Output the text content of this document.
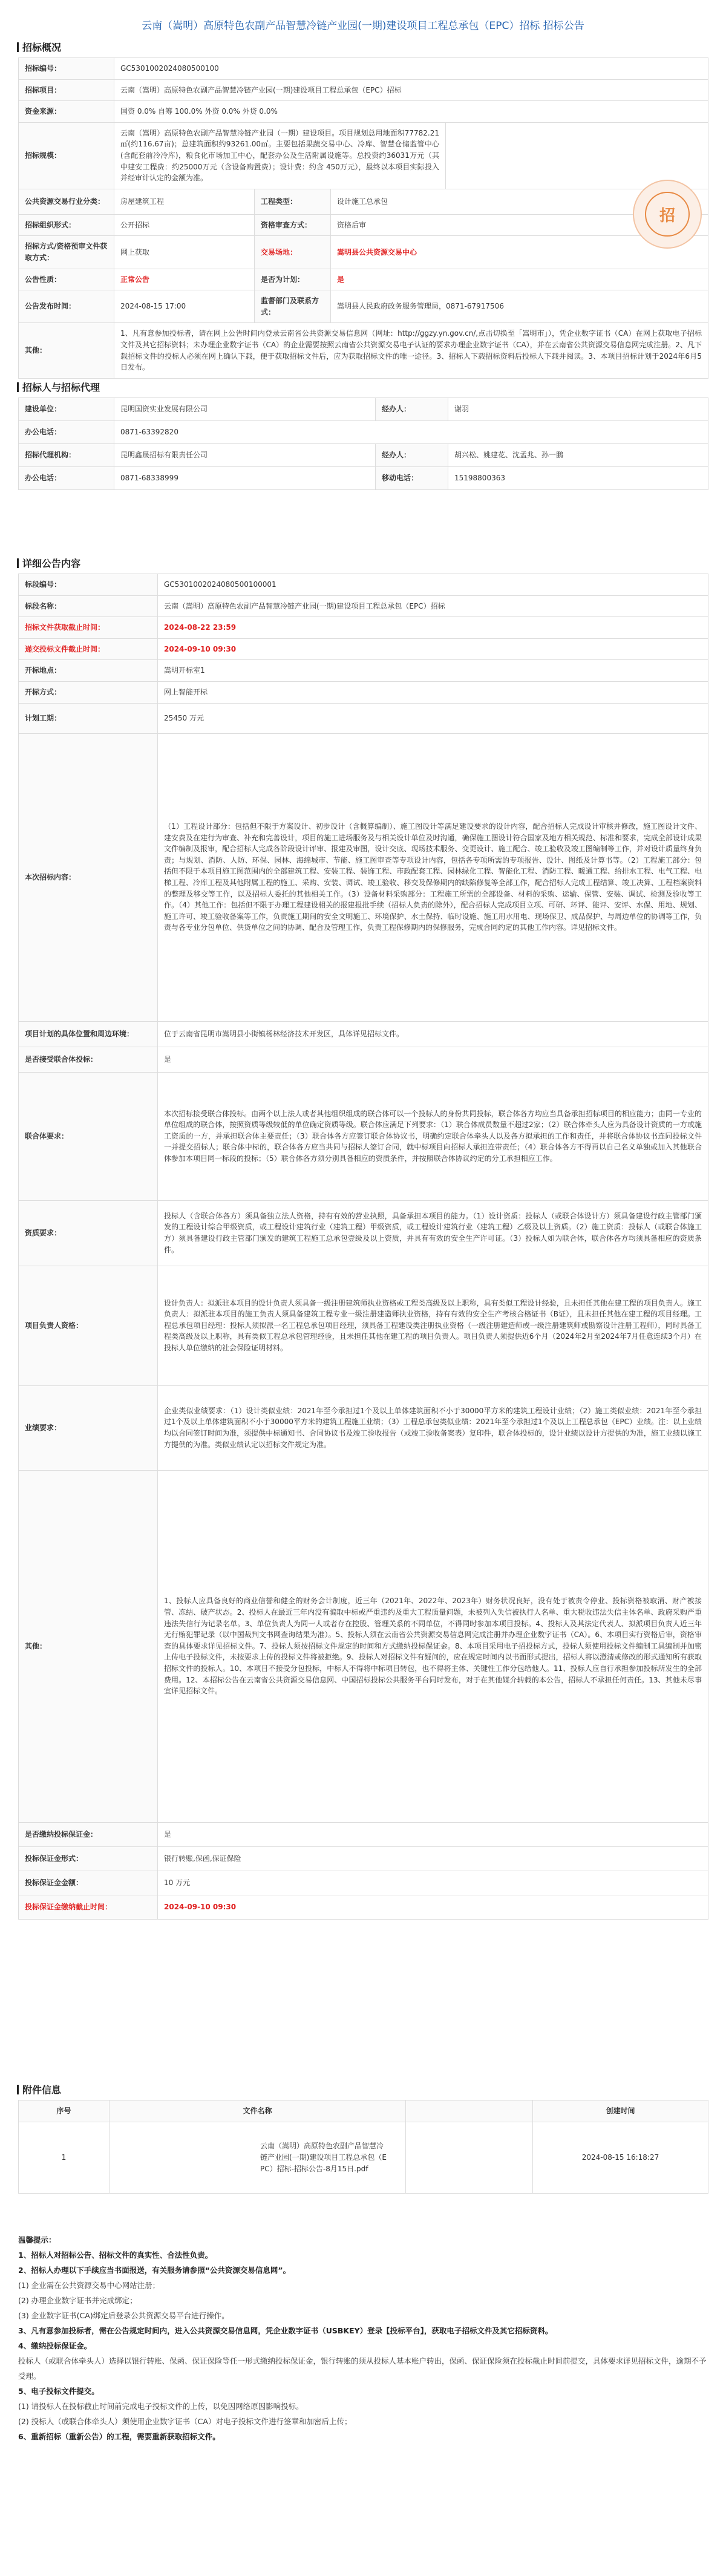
云南（嵩明）高原特色农副产品智慧冷链产业园(一期)建设项目工程总承包（EPC）招标 招标公告
招标概况
招标编号：	GC5301002024080500100			
招标项目：	云南（嵩明）高原特色农副产品智慧冷链产业园(一期)建设项目工程总承包（EPC）招标			
资金来源：	国资 0.0% 自筹 100.0% 外资 0.0% 外贷 0.0%			
招标规模：	云南（嵩明）高原特色农副产品智慧冷链产业园（一期）建设项目。项目规划总用地面积77782.21㎡(约116.67亩)；总建筑面积约93261.00㎡。主要包括果蔬交易中心、冷库、智慧仓储监管中心(含配套前冷冷库)，粮食化市场加工中心，配套办公及生活附属设施等。总投资约36031万元（其中建安工程费：约25000万元（含设备购置费）；设计费：约含 450万元），最终以本项目实际投入并经审计认定的金额为准。			
公共资源交易行业分类：	房屋建筑工程	工程类型：	设计施工总承包	
招标组织形式：	公开招标	资格审查方式：	资格后审	
招标方式/资格预审文件获取方式：	网上获取	交易场地：	嵩明县公共资源交易中心	
公告性质：	正常公告	是否为计划：	是	
公告发布时间：	2024-08-15 17:00	监督部门及联系方式：	嵩明县人民政府政务服务管理局，0871-67917506	
其他：	1、凡有意参加投标者，请在网上公告时间内登录云南省公共资源交易信息网（网址：http://ggzy.yn.gov.cn/,点击切换至「嵩明市」），凭企业数字证书（CA）在网上获取电子招标文件及其它招标资料；未办理企业数字证书（CA）的企业需要按照云南省公共资源交易电子认证的要求办理企业数字证书（CA），并在云南省公共资源交易信息网完成注册。2、凡下载招标文件的投标人必须在网上确认下载，便于获取招标文件后，应为获取招标文件的唯一途径。3、招标人下载招标资料后投标人下载并阅读。3、本项目招标计划于2024年6月5日发布。			
招
招标人与招标代理
建设单位：	昆明国资实业发展有限公司	经办人：	谢羽
办公电话：	0871-63392820		
招标代理机构：	昆明鑫晟招标有限责任公司	经办人：	胡兴松、姚建花、沈孟兆、孙一鹏
办公电话：	0871-68338999	移动电话：	15198800363
详细公告内容
标段编号：	GC5301002024080500100001
标段名称：	云南（嵩明）高原特色农副产品智慧冷链产业园(一期)建设项目工程总承包（EPC）招标
招标文件获取截止时间：	2024-08-22 23:59
递交投标文件截止时间：	2024-09-10 09:30
开标地点：	嵩明开标室1
开标方式：	网上智能开标
计划工期：	25450 万元
本次招标内容：	（1）工程设计部分：包括但不限于方案设计、初步设计（含概算编制）、施工图设计等满足建设要求的设计内容，配合招标人完成设计审核并修改，施工图设计文件、建安费及在建行为审查、补充和完善设计，项目的施工进场服务及与相关设计单位及时沟通，确保施工图设计符合国家及地方相关规范、标准和要求，完成全部设计成果文件编制及报审，配合招标人完成各阶段设计评审、报建及审图，设计交底、现场技术服务、变更设计、施工配合、竣工验收及竣工图编制等工作，并对设计质量终身负责；与规划、消防、人防、环保、园林、海绵城市、节能、施工图审查等专项设计内容，包括各专项所需的专项报告、设计、图纸及计算书等。（2）工程施工部分：包括但不限于本项目施工图范围内的全部建筑工程、安装工程、装饰工程、市政配套工程、园林绿化工程、智能化工程、消防工程、暖通工程、给排水工程、电气工程、电梯工程、冷库工程及其他附属工程的施工、采购、安装、调试、竣工验收、移交及保修期内的缺陷修复等全部工作，配合招标人完成工程结算、竣工决算、工程档案资料的整理及移交等工作，以及招标人委托的其他相关工作。（3）设备材料采购部分：工程施工所需的全部设备、材料的采购、运输、保管、安装、调试、检测及验收等工作。（4）其他工作：包括但不限于办理工程建设相关的报建报批手续（招标人负责的除外），配合招标人完成项目立项、可研、环评、能评、安评、水保、用地、规划、施工许可、竣工验收备案等工作，负责施工期间的安全文明施工、环境保护、水土保持、临时设施、施工用水用电、现场保卫、成品保护、与周边单位的协调等工作，负责与各专业分包单位、供货单位之间的协调、配合及管理工作，负责工程保修期内的保修服务，完成合同约定的其他工作内容。详见招标文件。
项目计划的具体位置和周边环境：	位于云南省昆明市嵩明县小街镇杨林经济技术开发区，具体详见招标文件。
是否接受联合体投标：	是
联合体要求：	本次招标接受联合体投标。由两个以上法人或者其他组织组成的联合体可以一个投标人的身份共同投标，联合体各方均应当具备承担招标项目的相应能力；由同一专业的单位组成的联合体，按照资质等级较低的单位确定资质等级。联合体应满足下列要求：（1）联合体成员数量不超过2家；（2）联合体牵头人应为具备设计资质的一方或施工资质的一方，并承担联合体主要责任；（3）联合体各方应签订联合体协议书，明确约定联合体牵头人以及各方拟承担的工作和责任，并将联合体协议书连同投标文件一并提交招标人；联合体中标的，联合体各方应当共同与招标人签订合同，就中标项目向招标人承担连带责任；（4）联合体各方不得再以自己名义单独或加入其他联合体参加本项目同一标段的投标；（5）联合体各方须分别具备相应的资质条件，并按照联合体协议约定的分工承担相应工作。
资质要求：	投标人（含联合体各方）须具备独立法人资格，持有有效的营业执照，具备承担本项目的能力。（1）设计资质：投标人（或联合体设计方）须具备建设行政主管部门颁发的工程设计综合甲级资质，或工程设计建筑行业（建筑工程）甲级资质，或工程设计建筑行业（建筑工程）乙级及以上资质。（2）施工资质：投标人（或联合体施工方）须具备建设行政主管部门颁发的建筑工程施工总承包壹级及以上资质，并具有有效的安全生产许可证。（3）投标人如为联合体，联合体各方均须具备相应的资质条件。
项目负责人资格：	设计负责人：拟派驻本项目的设计负责人须具备一级注册建筑师执业资格或工程类高级及以上职称，具有类似工程设计经验，且未担任其他在建工程的项目负责人。施工负责人：拟派驻本项目的施工负责人须具备建筑工程专业一级注册建造师执业资格，持有有效的安全生产考核合格证书（B证），且未担任其他在建工程的项目经理。工程总承包项目经理：投标人须拟派一名工程总承包项目经理，须具备工程建设类注册执业资格（一级注册建造师或一级注册建筑师或勘察设计注册工程师），同时具备工程类高级及以上职称，具有类似工程总承包管理经验，且未担任其他在建工程的项目负责人。项目负责人须提供近6个月（2024年2月至2024年7月任意连续3个月）在投标人单位缴纳的社会保险证明材料。
业绩要求：	企业类似业绩要求：（1）设计类似业绩：2021年至今承担过1个及以上单体建筑面积不小于30000平方米的建筑工程设计业绩；（2）施工类似业绩：2021年至今承担过1个及以上单体建筑面积不小于30000平方米的建筑工程施工业绩；（3）工程总承包类似业绩：2021年至今承担过1个及以上工程总承包（EPC）业绩。注：以上业绩均以合同签订时间为准，须提供中标通知书、合同协议书及竣工验收报告（或竣工验收备案表）复印件，联合体投标的，设计业绩以设计方提供的为准，施工业绩以施工方提供的为准。类似业绩认定以招标文件规定为准。
其他：	1、投标人应具备良好的商业信誉和健全的财务会计制度，近三年（2021年、2022年、2023年）财务状况良好，没有处于被责令停业、投标资格被取消、财产被接管、冻结、破产状态。2、投标人在最近三年内没有骗取中标或严重违约及重大工程质量问题，未被列入失信被执行人名单、重大税收违法失信主体名单、政府采购严重违法失信行为记录名单。3、单位负责人为同一人或者存在控股、管理关系的不同单位，不得同时参加本项目投标。4、投标人及其法定代表人、拟派项目负责人近三年无行贿犯罪记录（以中国裁判文书网查询结果为准）。5、投标人须在云南省公共资源交易信息网完成注册并办理企业数字证书（CA）。6、本项目实行资格后审，资格审查的具体要求详见招标文件。7、投标人须按招标文件规定的时间和方式缴纳投标保证金。8、本项目采用电子招投标方式，投标人须使用投标文件编制工具编制并加密上传电子投标文件，未按要求上传的投标文件将被拒绝。9、投标人对招标文件有疑问的，应在规定时间内以书面形式提出，招标人将以澄清或修改的形式通知所有获取招标文件的投标人。10、本项目不接受分包投标，中标人不得将中标项目转包，也不得将主体、关键性工作分包给他人。11、投标人应自行承担参加投标所发生的全部费用。12、本招标公告在云南省公共资源交易信息网、中国招标投标公共服务平台同时发布，对于在其他媒介转载的本公告，招标人不承担任何责任。13、其他未尽事宜详见招标文件。
是否缴纳投标保证金：	是
投标保证金形式：	银行转账,保函,保证保险
投标保证金金额：	10 万元
投标保证金缴纳截止时间：	2024-09-10 09:30
附件信息
序号	文件名称		创建时间
1	云南（嵩明）高原特色农副产品智慧冷链产业园(一期)建设项目工程总承包（EPC）招标-招标公告-8月15日.pdf		2024-08-15 16:18:27
温馨提示：
1、招标人对招标公告、招标文件的真实性、合法性负责。
2、招标人办理以下手续应当书面报送，有关服务请参照“公共资源交易信息网”。
(1) 企业需在公共资源交易中心网站注册；
(2) 办理企业数字证书并完成绑定；
(3) 企业数字证书(CA)绑定后登录公共资源交易平台进行操作。
3、凡有意参加投标者，需在公告规定时间内，进入公共资源交易信息网，凭企业数字证书（USBKEY）登录【投标平台】，获取电子招标文件及其它招标资料。
4、缴纳投标保证金。
投标人（或联合体牵头人）选择以银行转账、保函、保证保险等任一形式缴纳投标保证金，银行转账的须从投标人基本账户转出，保函、保证保险须在投标截止时间前提交，具体要求详见招标文件，逾期不予受理。
5、电子投标文件提交。
(1) 请投标人在投标截止时间前完成电子投标文件的上传，以免因网络原因影响投标。
(2) 投标人（或联合体牵头人）须使用企业数字证书（CA）对电子投标文件进行签章和加密后上传；
6、重新招标（重新公告）的工程，需要重新获取招标文件。
